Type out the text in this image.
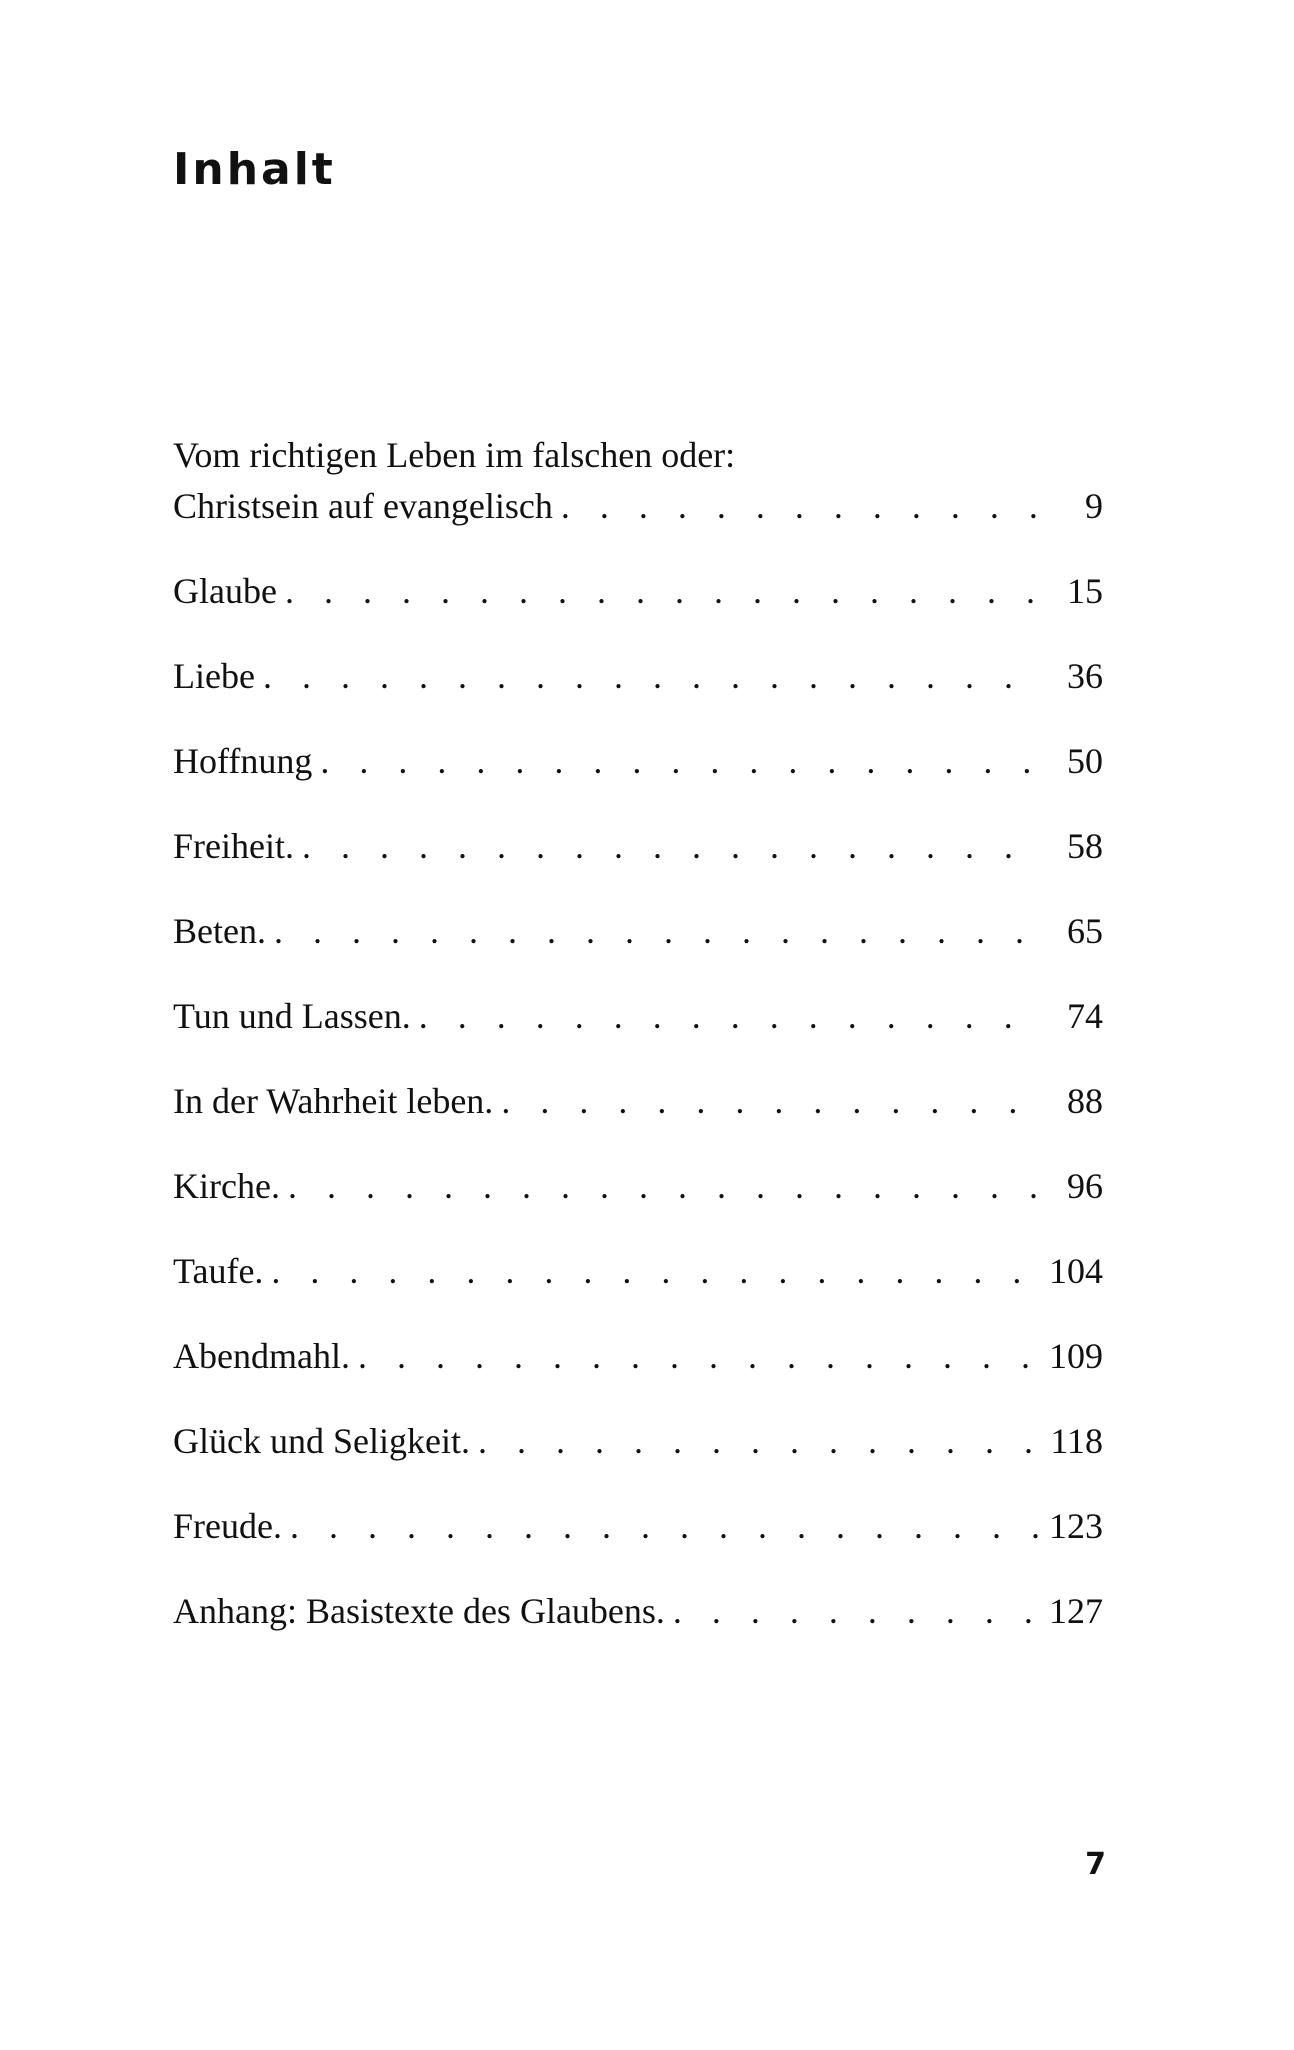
Inhalt
Vom richtigen Leben im falschen oder:
Christsein auf evangelisch . . .	9
Glaube . . .	15
Liebe . . .	36
Hoffnung . . .	50
Freiheit. . . .	58
Beten. . . .	65
Tun und Lassen. . . .	74
In der Wahrheit leben. . . .	88
Kirche. . . .	96
Taufe. . . .	104
Abendmahl. . . .	109
Glück und Seligkeit. . . .	118
Freude. . . .	123
Anhang: Basistexte des Glaubens. . . .	127
7
